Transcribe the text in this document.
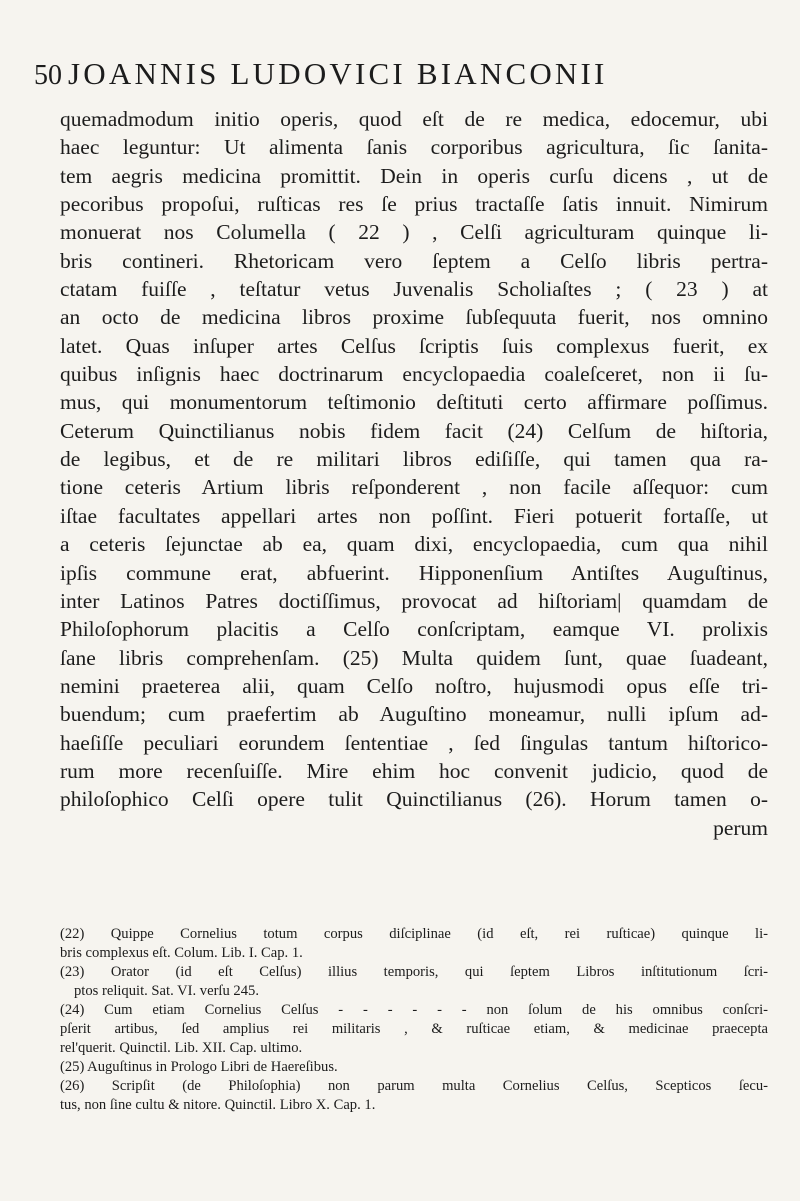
50 JOANNIS LUDOVICI BIANCONII
quemadmodum initio operis, quod eſt de re medica, edocemur, ubi
haec leguntur: Ut alimenta ſanis corporibus agricultura, ſic ſanita-
tem aegris medicina promittit. Dein in operis curſu dicens , ut de
pecoribus propoſui, ruſticas res ſe prius tractaſſe ſatis innuit. Nimirum
monuerat nos Columella ( 22 ) , Celſi agriculturam quinque li-
bris contineri. Rhetoricam vero ſeptem a Celſo libris pertra-
ctatam fuiſſe , teſtatur vetus Juvenalis Scholiaſtes ; ( 23 ) at
an octo de medicina libros proxime ſubſequuta fuerit, nos omnino
latet. Quas inſuper artes Celſus ſcriptis ſuis complexus fuerit, ex
quibus inſignis haec doctrinarum encyclopaedia coaleſceret, non ii ſu-
mus, qui monumentorum teſtimonio deſtituti certo affirmare poſſimus.
Ceterum Quinctilianus nobis fidem facit (24) Celſum de hiſtoria,
de legibus, et de re militari libros ediſiſſe, qui tamen qua ra-
tione ceteris Artium libris reſponderent , non facile aſſequor: cum
iſtae facultates appellari artes non poſſint. Fieri potuerit fortaſſe, ut
a ceteris ſejunctae ab ea, quam dixi, encyclopaedia, cum qua nihil
ipſis commune erat, abfuerint. Hipponenſium Antiſtes Auguſtinus,
inter Latinos Patres doctiſſimus, provocat ad hiſtoriam| quamdam de
Philoſophorum placitis a Celſo conſcriptam, eamque VI. prolixis
ſane libris comprehenſam. (25) Multa quidem ſunt, quae ſuadeant,
nemini praeterea alii, quam Celſo noſtro, hujusmodi opus eſſe tri-
buendum; cum praefertim ab Auguſtino moneamur, nulli ipſum ad-
haeſiſſe peculiari eorundem ſententiae , ſed ſingulas tantum hiſtorico-
rum more recenſuiſſe. Mire ehim hoc convenit judicio, quod de
philoſophico Celſi opere tulit Quinctilianus (26). Horum tamen o-
perum
(22) Quippe Cornelius totum corpus diſciplinae (id eſt, rei ruſticae) quinque li-
bris complexus eſt. Colum. Lib. I. Cap. 1.
(23) Orator (id eſt Celſus) illius temporis, qui ſeptem Libros inſtitutionum ſcri-
ptos reliquit. Sat. VI. verſu 245.
(24) Cum etiam Cornelius Celſus - - - - - - non ſolum de his omnibus conſcri-
pſerit artibus, ſed amplius rei militaris , & ruſticae etiam, & medicinae praecepta
rel'querit. Quinctil. Lib. XII. Cap. ultimo.
(25) Auguſtinus in Prologo Libri de Haereſibus.
(26) Scripſit (de Philoſophia) non parum multa Cornelius Celſus, Scepticos ſecu-
tus, non ſine cultu & nitore. Quinctil. Libro X. Cap. 1.
